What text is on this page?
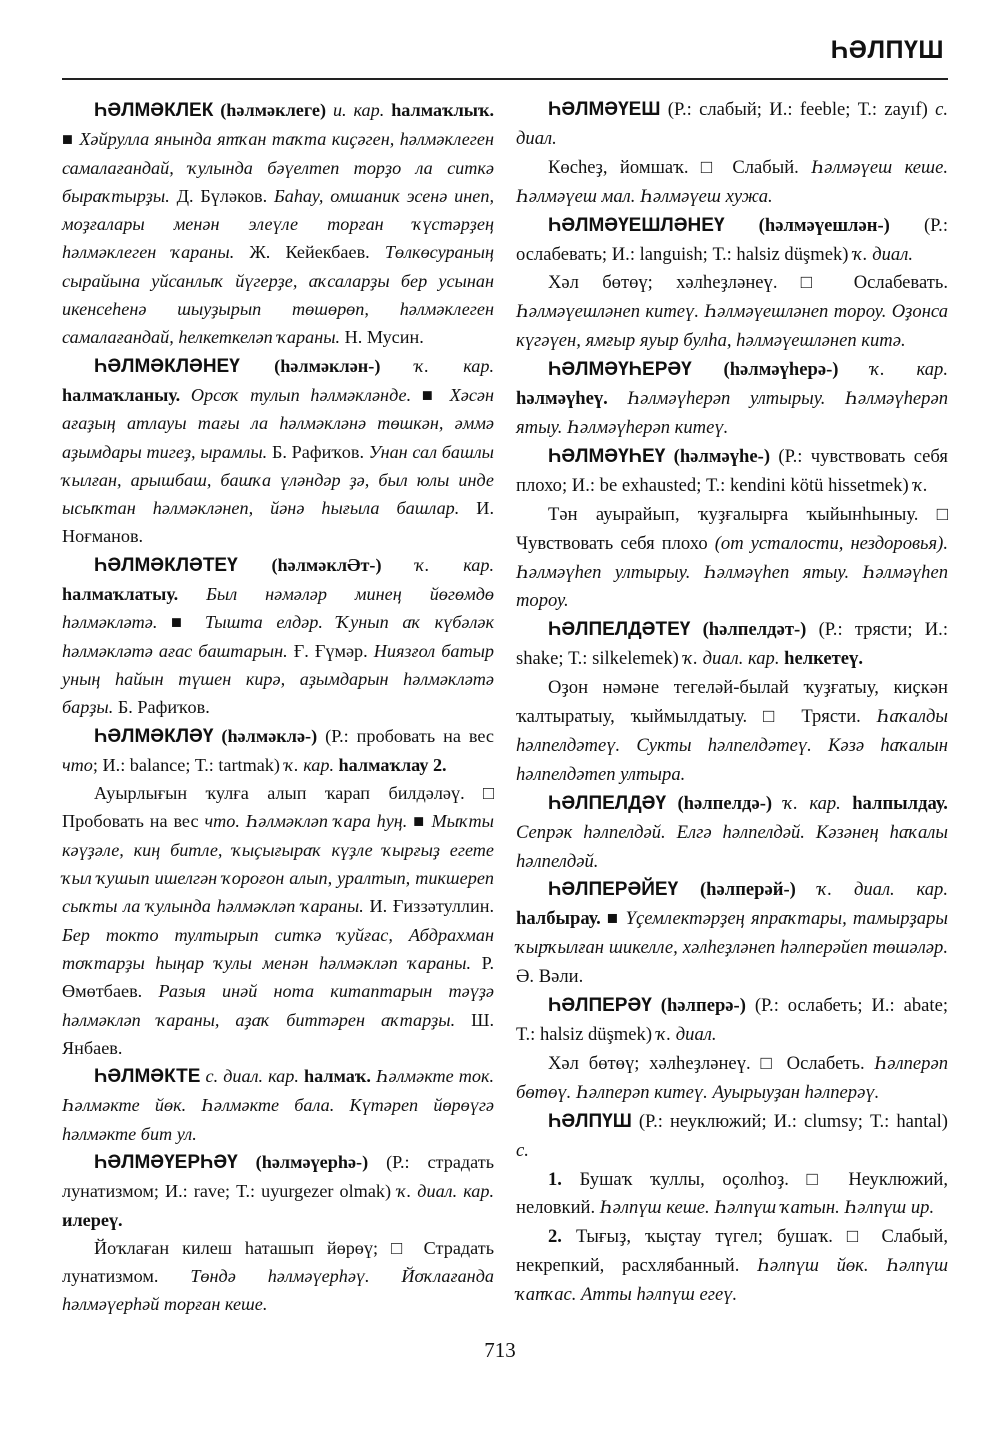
ҺӘЛПҮШ

ҺӘЛМӘКЛЕК (һәлмәклеге) и. кар. һалмаҡлыҡ. ■ Хәйрулла янында ятҡан таҡта киҫәген, һәлмәклеген самалағандай, ҡулында бәүелтеп торҙо ла ситкә быраҡтырҙы. Д. Бүләков. Баһау, омшаник эсенә инеп, моҙғалары менән элеүле торған ҡүстәрҙең һәлмәклеген ҡараны. Ж. Кейекбаев. Төлкөсураның сырайына уйсанлыҡ йүгерҙе, аҡсаларҙы бер усынан икенсеһенә шыуҙырып төшөрөп, һәлмәклеген самалағандай, һелкеткеләп ҡараны. Н. Мусин.

ҺӘЛМӘКЛӘНЕҮ (һәлмәклән-) ҡ. кар. һалмаҡланыу. Орсоҡ тулып һәлмәкләнде. ■ Хәсән ағаҙың атлауы тағы ла һәлмәкләнә төшкән, әммә аҙымдары тигеҙ, ырамлы. Б. Рафиҡов. Унан сал башлы ҡылған, арышбаш, башҡа үләндәр ҙә, был юлы инде ысыҡтан һәлмәкләнеп, йәнә һығыла башлар. И. Ноғманов.

ҺӘЛМӘКЛӘТЕҮ (һәлмәклӘт-) ҡ. кар. һалмаҡлатыу. Был нәмәләр минең йөгөмдө һәлмәкләтә. ■ Тышта елдәр. Ҡунып аҡ күбәләк һәлмәкләтә ағас баштарын. Ғ. Ғүмәр. Ниязғол батыр уның һайын түшен кирә, аҙымдарын һәлмәкләтә барҙы. Б. Рафиҡов.

ҺӘЛМӘКЛӘҮ (һәлмәклә-) (Р.: пробовать на вес что; И.: balance; Т.: tartmak) ҡ. кар. һалмаҡлау 2.

Ауырлығын ҡулға алып ҡарап билдәләү. □ Пробовать на вес что. Һәлмәкләп ҡара һуң. ■ Мыҡты кәүҙәле, киң битле, ҡыҫығыраҡ күҙле ҡырғыҙ егете ҡыл ҡушып ишелгән ҡороғон алып, уралтып, тикшереп сыҡты ла ҡулында һәлмәкләп ҡараны. И. Ғиззәтуллин. Бер токто тултырып ситкә ҡуйғас, Абдрахман тоҡтарҙы һыңар ҡулы менән һәлмәкләп ҡараны. Р. Өмөтбаев. Разыя инәй нота китаптарын тәүҙә һәлмәкләп ҡараны, аҙаҡ биттәрен аҡтарҙы. Ш. Янбаев.

ҺӘЛМӘКТЕ с. диал. кар. һалмаҡ. Һәлмәкте ток. Һәлмәкте йөк. Һәлмәкте бала. Күтәреп йөрөүгә һәлмәкте бит ул.

ҺӘЛМӘҮЕРҺӘҮ (һәлмәүерһә-) (Р.: страдать лунатизмом; И.: rave; Т.: uyurgezer olmak) ҡ. диал. кар. илереү.

Йоҡлаған килеш һаташып йөрөү; □ Страдать лунатизмом. Төндә һәлмәүерһәү. Йоҡлағанда һәлмәүерһәй торған кеше.

ҺӘЛМӘҮЕШ (Р.: слабый; И.: feeble; Т.: zayıf) с. диал.

Көсһеҙ, йомшаҡ. □ Слабый. Һәлмәүеш кеше. Һәлмәүеш мал. Һәлмәүеш хужа.

ҺӘЛМӘҮЕШЛӘНЕҮ (һәлмәүешлән-) (Р.: ослабевать; И.: languish; Т.: halsiz düşmek) ҡ. диал.

Хәл бөтөү; хәлһеҙләнеү. □ Ослабевать. Һәлмәүешләнеп китеү. Һәлмәүешләнеп тороу. Оҙонса күгәүен, ямғыр яуыр булһа, һәлмәүешләнеп китә.

ҺӘЛМӘҮҺЕРӘҮ (һәлмәүһерә-) ҡ. кар. һәлмәүһеү. Һәлмәүһерәп ултырыу. Һәлмәүһерәп ятыу. Һәлмәүһерәп китеү.

ҺӘЛМӘҮҺЕҮ (һәлмәүһе-) (Р.: чувствовать себя плохо; И.: be exhausted; Т.: kendini kötü hissetmek) ҡ.

Тән ауырайып, ҡуҙғалырға ҡыйынһыныу. □ Чувствовать себя плохо (от усталости, нездоровья). Һәлмәүһеп ултырыу. Һәлмәүһеп ятыу. Һәлмәүһеп тороу.

ҺӘЛПЕЛДӘТЕҮ (һәлпелдәт-) (Р.: трясти; И.: shake; Т.: silkelemek) ҡ. диал. кар. һелкетеү.

Оҙон нәмәне тегеләй-былай ҡуҙғатыу, киҫкән ҡалтыратыу, ҡыймылдатыу. □ Трясти. Һаҡалды һәлпелдәтеү. Сукты һәлпелдәтеү. Кәзә һаҡалын һәлпелдәтеп ултыра.

ҺӘЛПЕЛДӘҮ (һәлпелдә-) ҡ. кар. һалпылдау. Сепрәк һәлпелдәй. Елгә һәлпелдәй. Кәзәнең һаҡалы һәлпелдәй.

ҺӘЛПЕРӘЙЕҮ (һәлперәй-) ҡ. диал. кар. һалбырау. ■ Үҫемлектәрҙең япраҡтары, тамырҙары ҡырҡылған шикелле, хәлһеҙләнеп һәлперәйеп төшәләр. Ә. Вәли.

ҺӘЛПЕРӘҮ (һәлперә-) (Р.: ослабеть; И.: abate; Т.: halsiz düşmek) ҡ. диал.

Хәл бөтөү; хәлһеҙләнеү. □ Ослабеть. Һәлперәп бөтөү. Һәлперәп китеү. Ауырыуҙан һәлперәү.

ҺӘЛПҮШ (Р.: неуклюжий; И.: clumsy; Т.: hantal) с.

1. Бушаҡ ҡуллы, оҫолһоҙ. □ Неуклюжий, неловкий. Һәлпүш кеше. Һәлпүш ҡатын. Һәлпүш ир.

2. Тығыҙ, ҡыҫтау түгел; бушаҡ. □ Слабый, некрепкий, расхлябанный. Һәлпүш йөк. Һәлпүш ҡапҡас. Атты һәлпүш егеү.

713
